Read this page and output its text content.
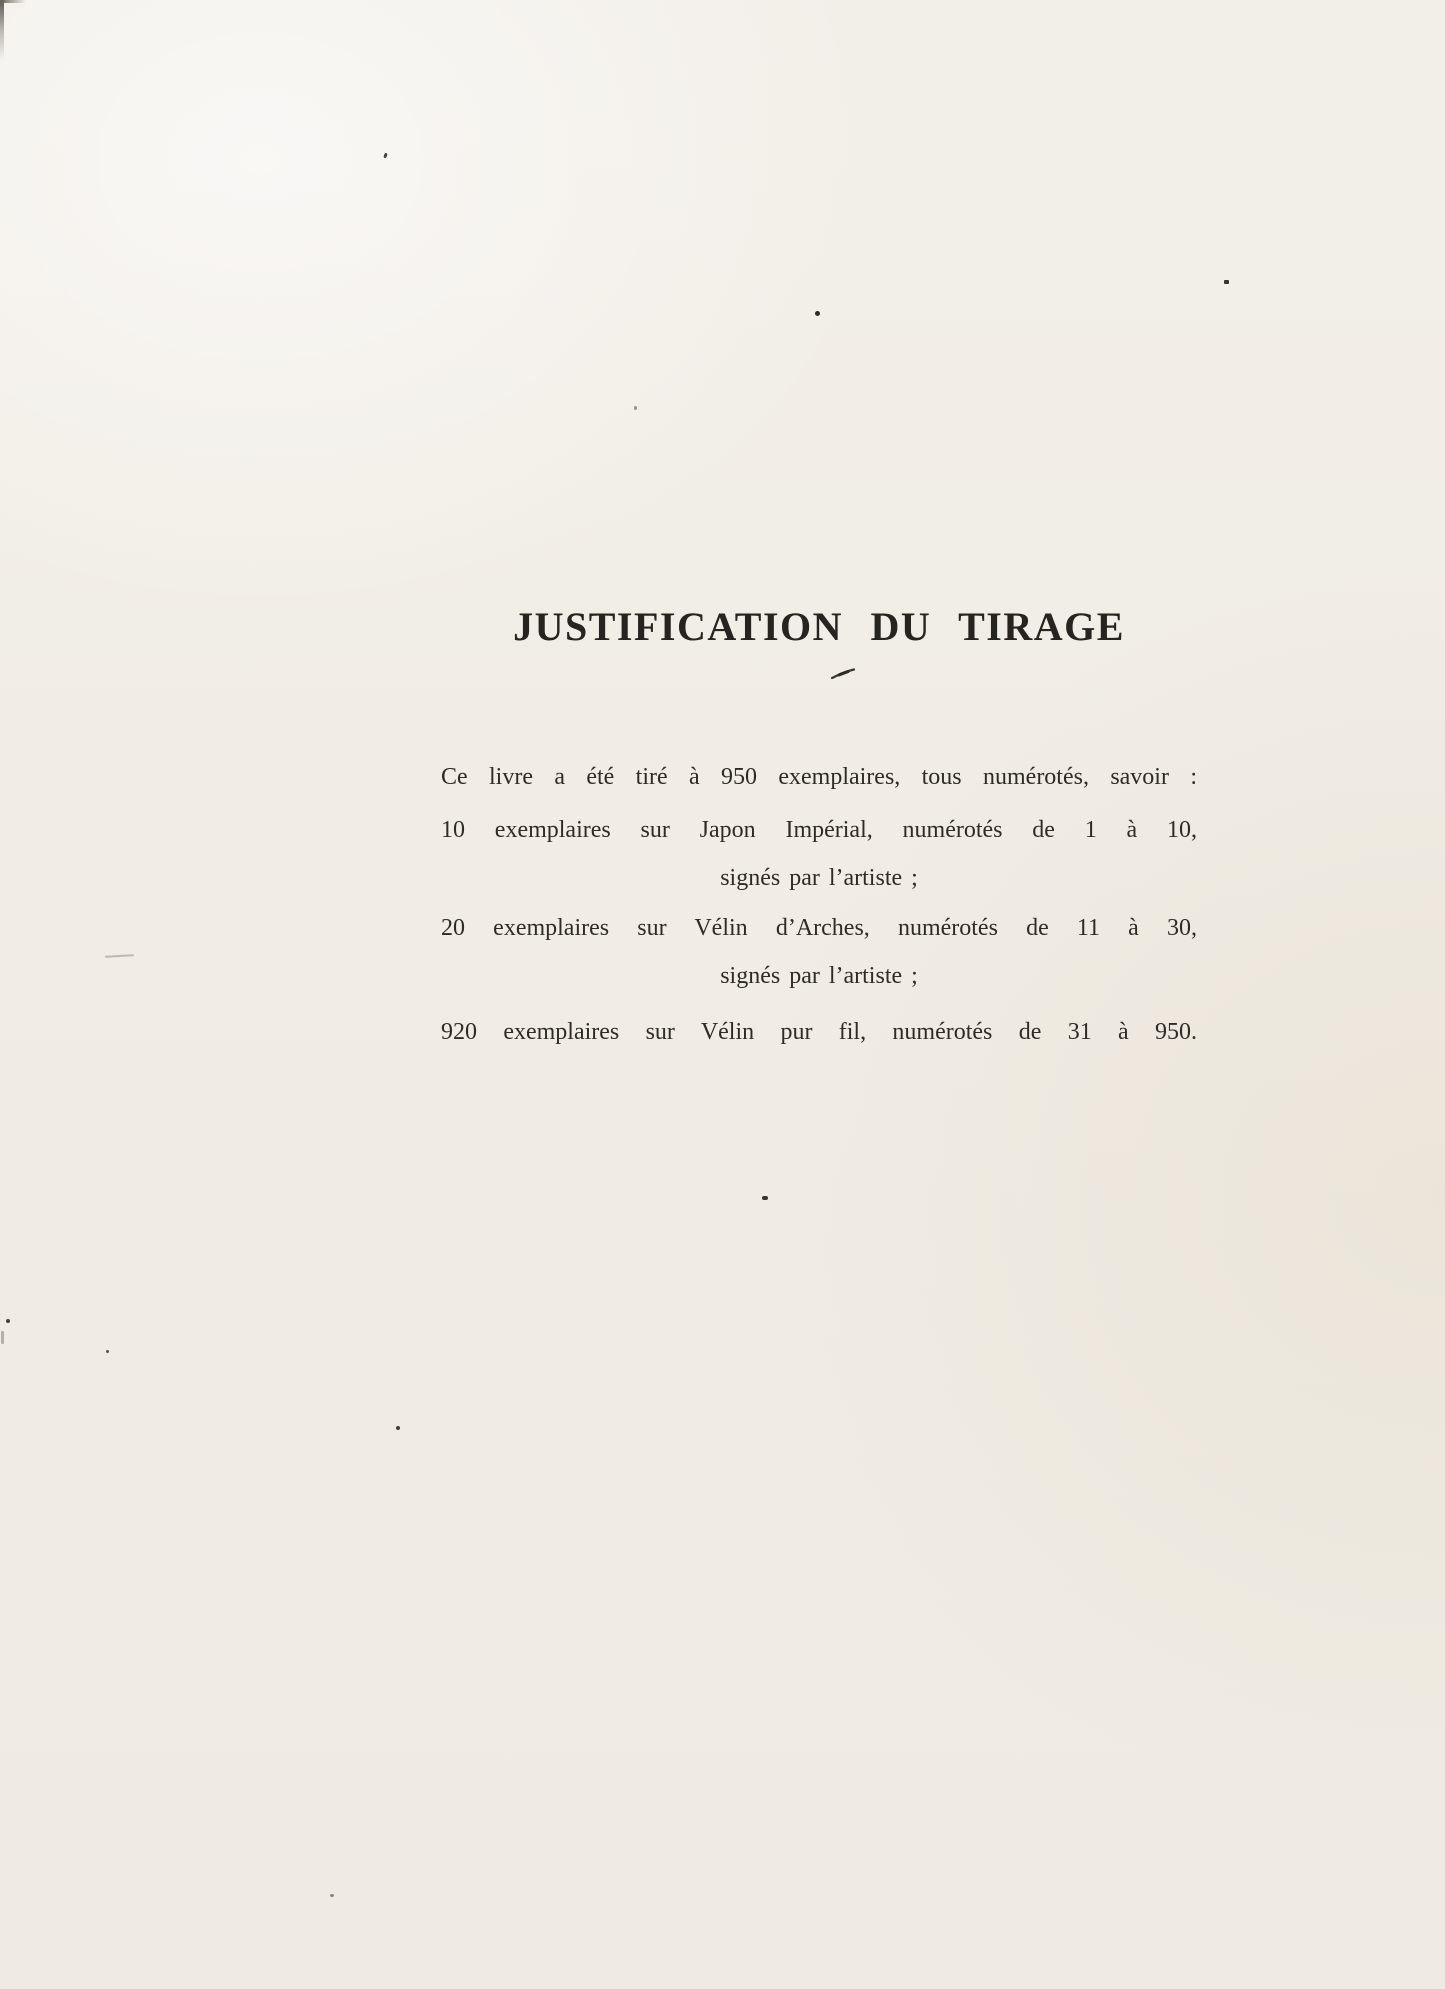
JUSTIFICATION DU TIRAGE

Ce livre a été tiré à 950 exemplaires, tous numérotés, savoir :

10 exemplaires sur Japon Impérial, numérotés de 1 à 10,

signés par l’artiste ;

20 exemplaires sur Vélin d’Arches, numérotés de 11 à 30,

signés par l’artiste ;

920 exemplaires sur Vélin pur fil, numérotés de 31 à 950.
